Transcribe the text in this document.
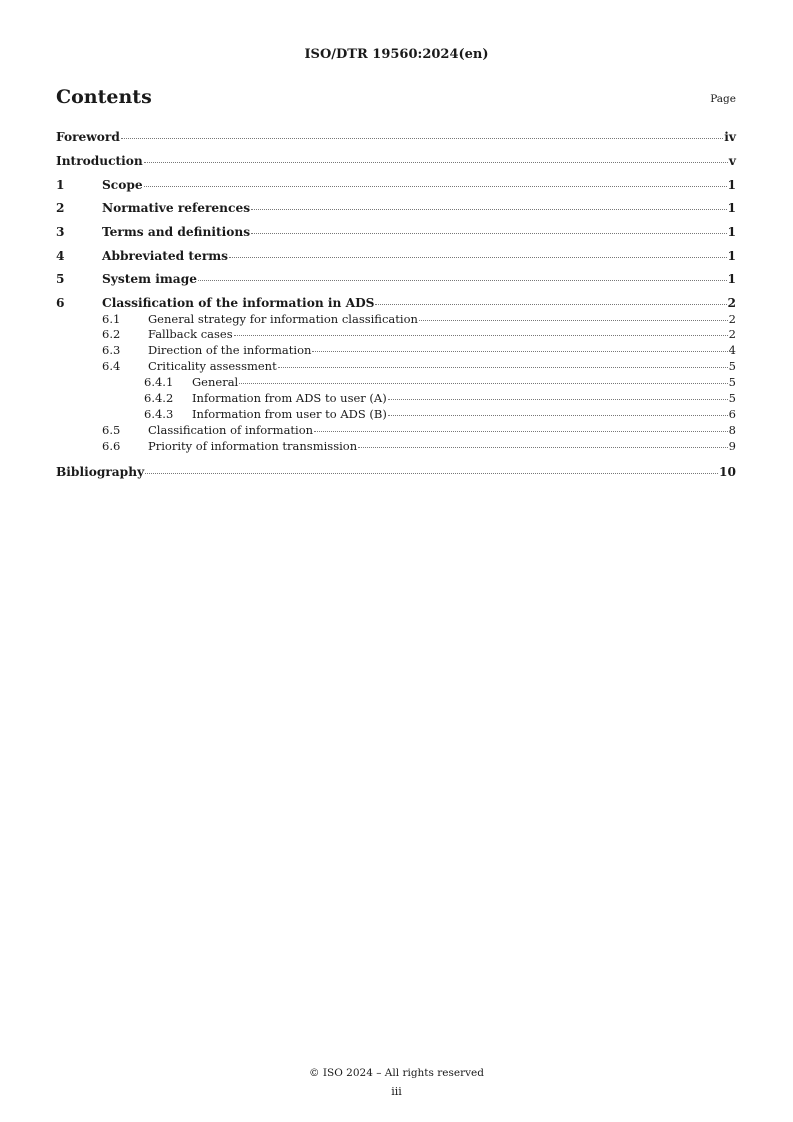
ISO/DTR 19560:2024(en)
Contents	Page
Foreword	iv
Introduction	v
1	Scope	1
2	Normative references	1
3	Terms and definitions	1
4	Abbreviated terms	1
5	System image	1
6	Classification of the information in ADS	2
6.1	General strategy for information classification	2
6.2	Fallback cases	2
6.3	Direction of the information	4
6.4	Criticality assessment	5
6.4.1	General	5
6.4.2	Information from ADS to user (A)	5
6.4.3	Information from user to ADS (B)	6
6.5	Classification of information	8
6.6	Priority of information transmission	9
Bibliography	10
© ISO 2024 – All rights reserved
iii
